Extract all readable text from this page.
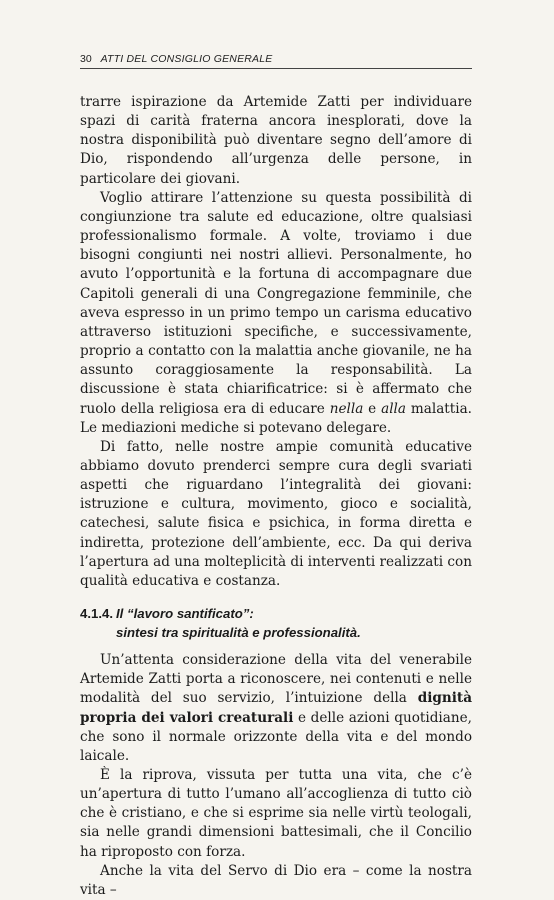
30 ATTI DEL CONSIGLIO GENERALE

trarre ispirazione da Artemide Zatti per individuare spazi di carità fraterna ancora inesplorati, dove la nostra disponibilità può diventare segno dell’amore di Dio, rispondendo all’urgenza delle persone, in particolare dei giovani.

Voglio attirare l’attenzione su questa possibilità di congiunzione tra salute ed educazione, oltre qualsiasi professionalismo formale. A volte, troviamo i due bisogni congiunti nei nostri allievi. Personalmente, ho avuto l’opportunità e la fortuna di accompagnare due Capitoli generali di una Congregazione femminile, che aveva espresso in un primo tempo un carisma educativo attraverso istituzioni specifiche, e successivamente, proprio a contatto con la malattia anche giovanile, ne ha assunto coraggiosamente la responsabilità. La discussione è stata chiarificatrice: si è affermato che ruolo della religiosa era di educare nella e alla malattia. Le mediazioni mediche si potevano delegare.

Di fatto, nelle nostre ampie comunità educative abbiamo dovuto prenderci sempre cura degli svariati aspetti che riguardano l’integralità dei giovani: istruzione e cultura, movimento, gioco e socialità, catechesi, salute fisica e psichica, in forma diretta e indiretta, protezione dell’ambiente, ecc. Da qui deriva l’apertura ad una molteplicità di interventi realizzati con qualità educativa e costanza.

4.1.4. Il “lavoro santificato”:
sintesi tra spiritualità e professionalità.

Un’attenta considerazione della vita del venerabile Artemide Zatti porta a riconoscere, nei contenuti e nelle modalità del suo servizio, l’intuizione della dignità propria dei valori creaturali e delle azioni quotidiane, che sono il normale orizzonte della vita e del mondo laicale.

È la riprova, vissuta per tutta una vita, che c’è un’apertura di tutto l’umano all’accoglienza di tutto ciò che è cristiano, e che si esprime sia nelle virtù teologali, sia nelle grandi dimensioni battesimali, che il Concilio ha riproposto con forza.

Anche la vita del Servo di Dio era – come la nostra vita –
